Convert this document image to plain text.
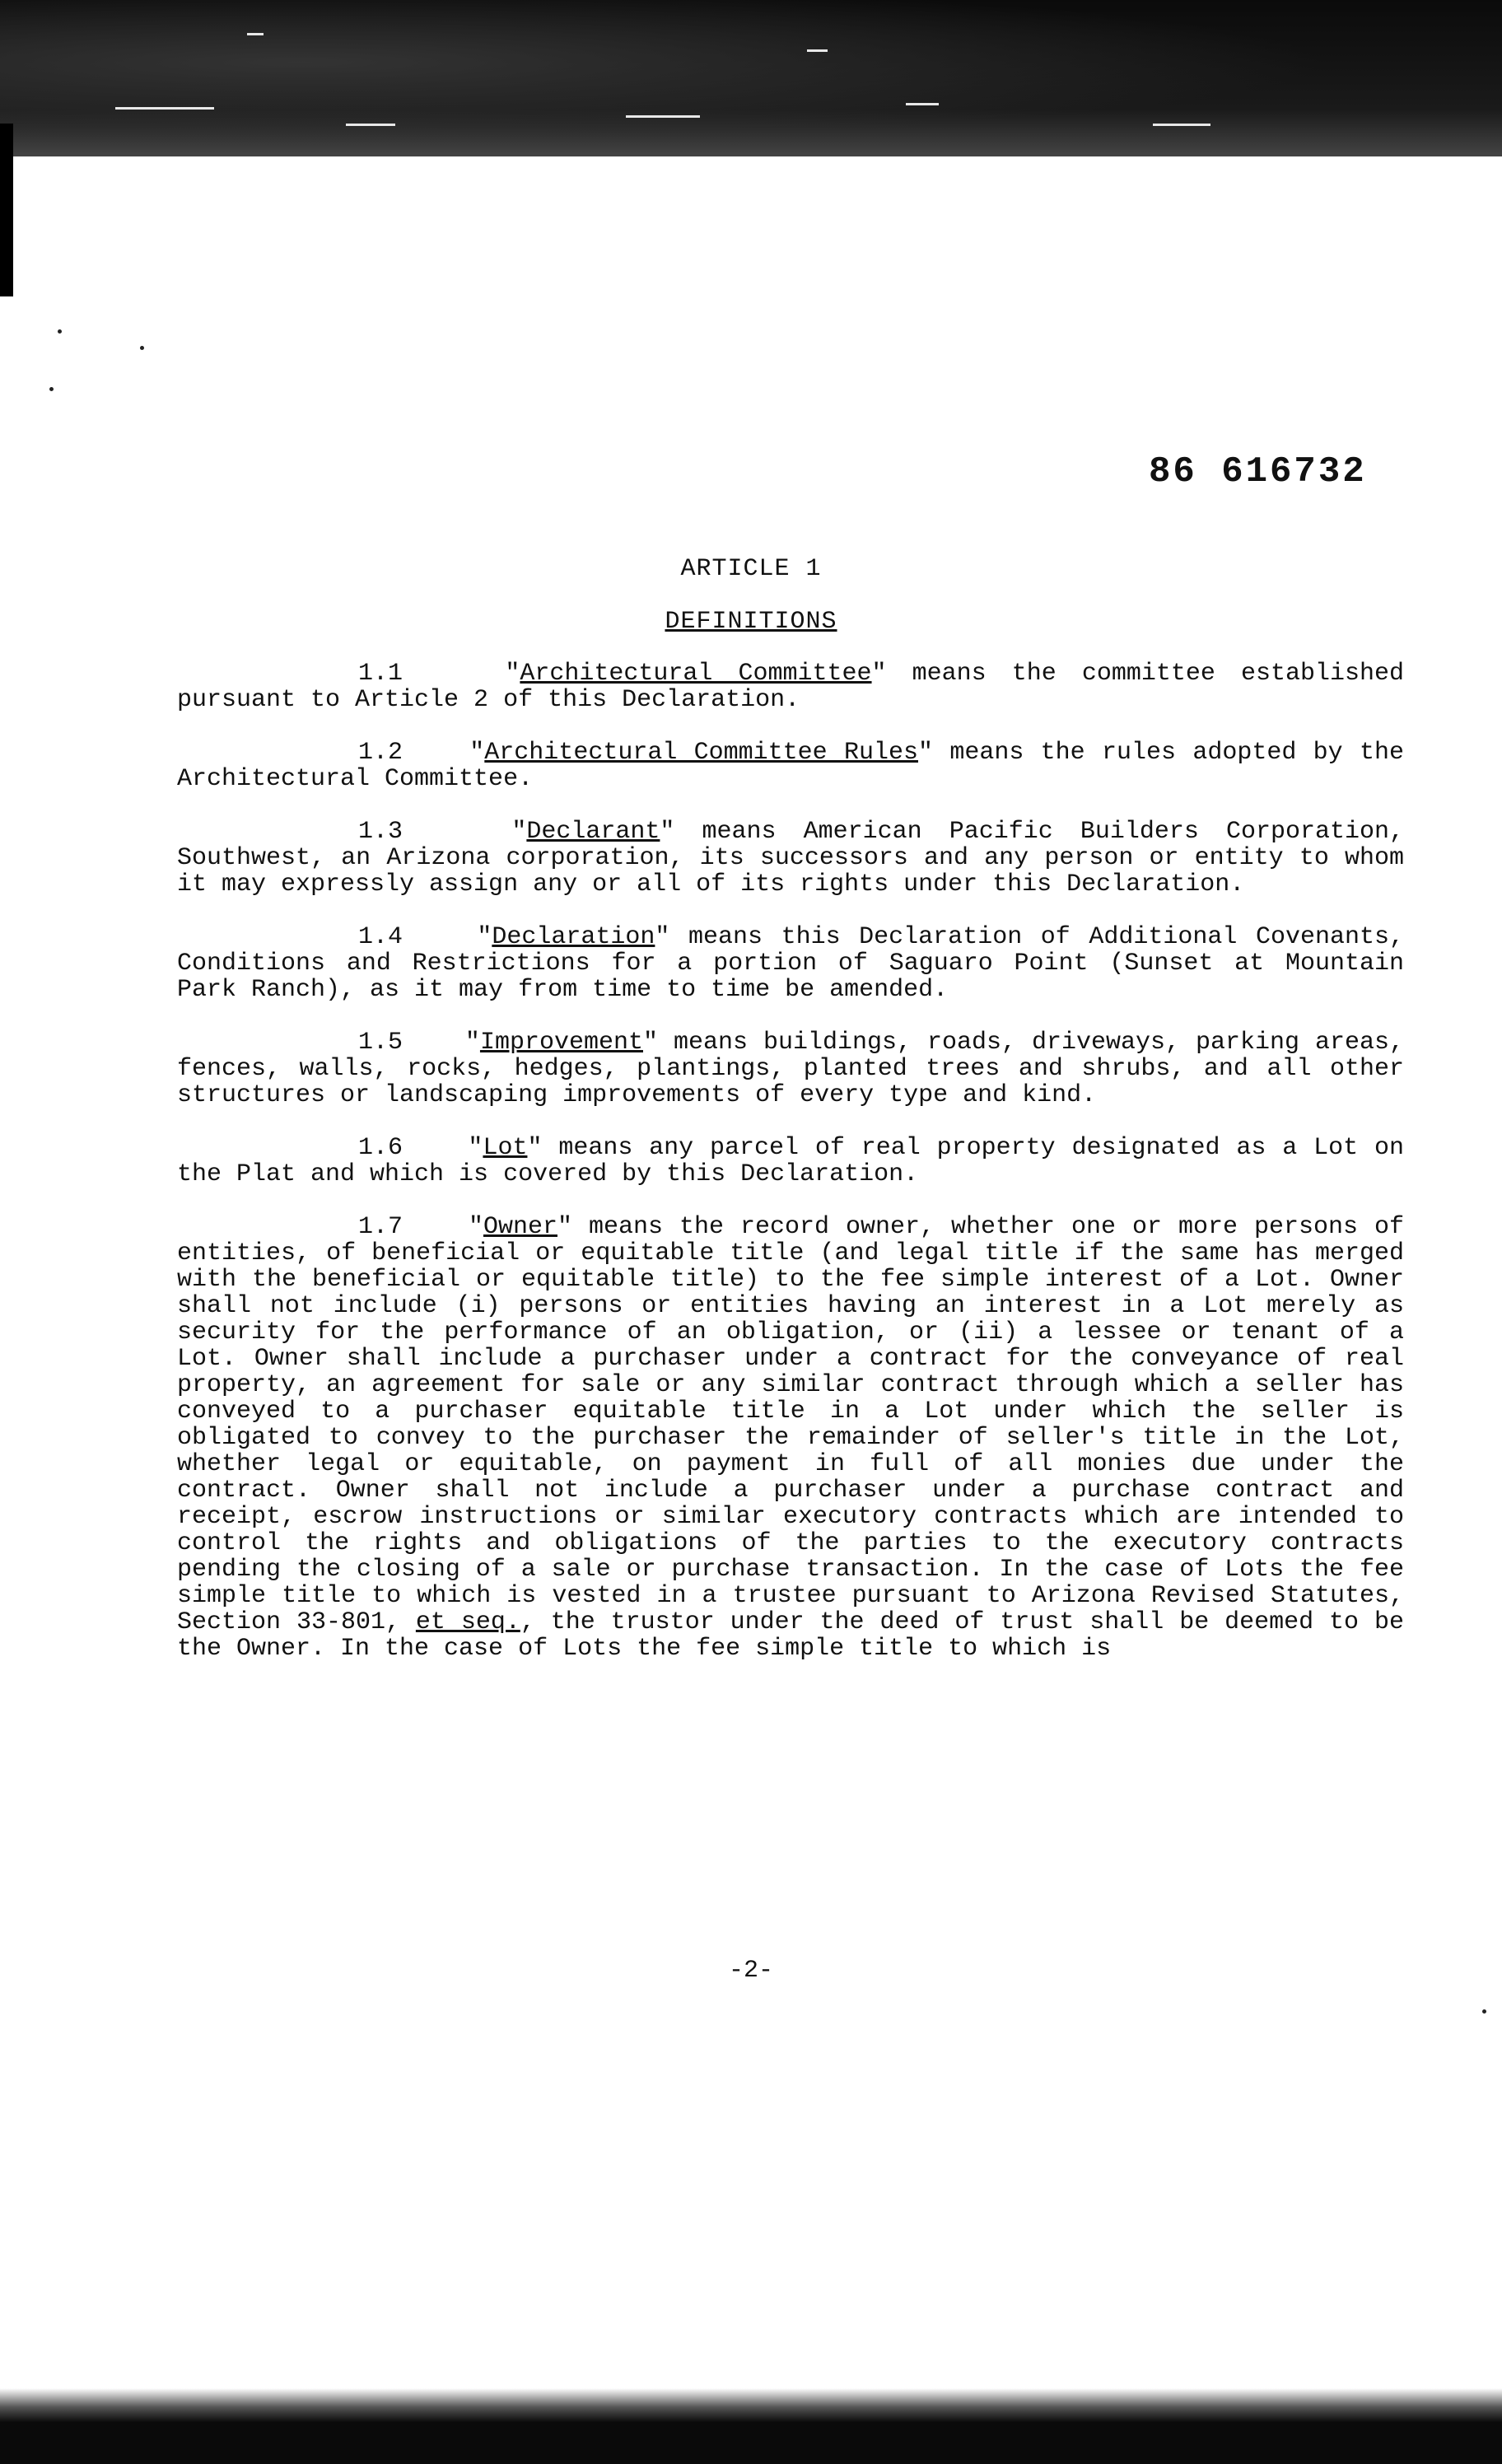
86 616732
ARTICLE 1
DEFINITIONS

1.1    "Architectural Committee" means the committee established pursuant to Article 2 of this Declaration.

1.2    "Architectural Committee Rules" means the rules adopted by the Architectural Committee.

1.3    "Declarant" means American Pacific Builders Corporation, Southwest, an Arizona corporation, its successors and any person or entity to whom it may expressly assign any or all of its rights under this Declaration.

1.4    "Declaration" means this Declaration of Additional Covenants, Conditions and Restrictions for a portion of Saguaro Point (Sunset at Mountain Park Ranch), as it may from time to time be amended.

1.5    "Improvement" means buildings, roads, driveways, parking areas, fences, walls, rocks, hedges, plantings, planted trees and shrubs, and all other structures or landscaping improvements of every type and kind.

1.6    "Lot" means any parcel of real property designated as a Lot on the Plat and which is covered by this Declaration.

1.7    "Owner" means the record owner, whether one or more persons of entities, of beneficial or equitable title (and legal title if the same has merged with the beneficial or equitable title) to the fee simple interest of a Lot. Owner shall not include (i) persons or entities having an interest in a Lot merely as security for the performance of an obligation, or (ii) a lessee or tenant of a Lot. Owner shall include a purchaser under a contract for the conveyance of real property, an agreement for sale or any similar contract through which a seller has conveyed to a purchaser equitable title in a Lot under which the seller is obligated to convey to the purchaser the remainder of seller's title in the Lot, whether legal or equitable, on payment in full of all monies due under the contract. Owner shall not include a purchaser under a purchase contract and receipt, escrow instructions or similar executory contracts which are intended to control the rights and obligations of the parties to the executory contracts pending the closing of a sale or purchase transaction. In the case of Lots the fee simple title to which is vested in a trustee pursuant to Arizona Revised Statutes, Section 33-801, et seq., the trustor under the deed of trust shall be deemed to be the Owner. In the case of Lots the fee simple title to which is

-2-
